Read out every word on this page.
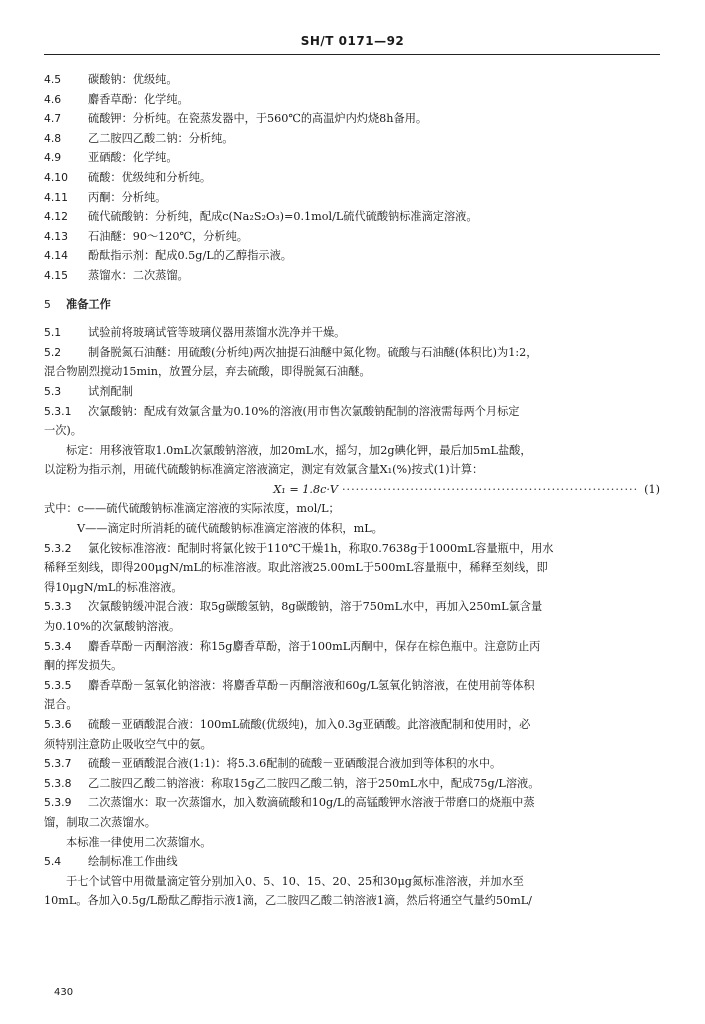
SH/T 0171—92
4.5	碳酸钠：优级纯。
4.6	麝香草酚：化学纯。
4.7	硫酸钾：分析纯。在瓷蒸发器中，于560℃的高温炉内灼烧8h备用。
4.8	乙二胺四乙酸二钠：分析纯。
4.9	亚硒酸：化学纯。
4.10	硫酸：优级纯和分析纯。
4.11	丙酮：分析纯。
4.12	硫代硫酸钠：分析纯，配成c(Na₂S₂O₃)=0.1mol/L硫代硫酸钠标准滴定溶液。
4.13	石油醚：90～120℃，分析纯。
4.14	酚酞指示剂：配成0.5g/L的乙醇指示液。
4.15	蒸馏水：二次蒸馏。
5	准备工作
5.1	试验前将玻璃试管等玻璃仪器用蒸馏水洗净并干燥。
5.2	制备脱氮石油醚：用硫酸(分析纯)两次抽提石油醚中氮化物。硫酸与石油醚(体积比)为1:2，
混合物剧烈搅动15min，放置分层，弃去硫酸，即得脱氮石油醚。
5.3	试剂配制
5.3.1	次氯酸钠：配成有效氯含量为0.10%的溶液(用市售次氯酸钠配制的溶液需每两个月标定
一次)。
标定：用移液管取1.0mL次氯酸钠溶液，加20mL水，摇匀，加2g碘化钾，最后加5mL盐酸，
以淀粉为指示剂，用硫代硫酸钠标准滴定溶液滴定，测定有效氯含量X₁(%)按式(1)计算：
X₁ = 1.8c·V ································································· (1)
式中：c——硫代硫酸钠标准滴定溶液的实际浓度，mol/L；
V——滴定时所消耗的硫代硫酸钠标准滴定溶液的体积，mL。
5.3.2	氯化铵标准溶液：配制时将氯化铵于110℃干燥1h，称取0.7638g于1000mL容量瓶中，用水
稀释至刻线，即得200μgN/mL的标准溶液。取此溶液25.00mL于500mL容量瓶中，稀释至刻线，即
得10μgN/mL的标准溶液。
5.3.3	次氯酸钠缓冲混合液：取5g碳酸氢钠，8g碳酸钠，溶于750mL水中，再加入250mL氯含量
为0.10%的次氯酸钠溶液。
5.3.4	麝香草酚－丙酮溶液：称15g麝香草酚，溶于100mL丙酮中，保存在棕色瓶中。注意防止丙
酮的挥发损失。
5.3.5	麝香草酚－氢氧化钠溶液：将麝香草酚－丙酮溶液和60g/L氢氧化钠溶液，在使用前等体积
混合。
5.3.6	硫酸－亚硒酸混合液：100mL硫酸(优级纯)，加入0.3g亚硒酸。此溶液配制和使用时，必
须特别注意防止吸收空气中的氨。
5.3.7	硫酸－亚硒酸混合液(1:1)：将5.3.6配制的硫酸－亚硒酸混合液加到等体积的水中。
5.3.8	乙二胺四乙酸二钠溶液：称取15g乙二胺四乙酸二钠，溶于250mL水中，配成75g/L溶液。
5.3.9	二次蒸馏水：取一次蒸馏水，加入数滴硫酸和10g/L的高锰酸钾水溶液于带磨口的烧瓶中蒸
馏，制取二次蒸馏水。
本标准一律使用二次蒸馏水。
5.4	绘制标准工作曲线
于七个试管中用微量滴定管分别加入0、5、10、15、20、25和30μg氮标准溶液，并加水至
10mL。各加入0.5g/L酚酞乙醇指示液1滴，乙二胺四乙酸二钠溶液1滴，然后将通空气量约50mL/
430
